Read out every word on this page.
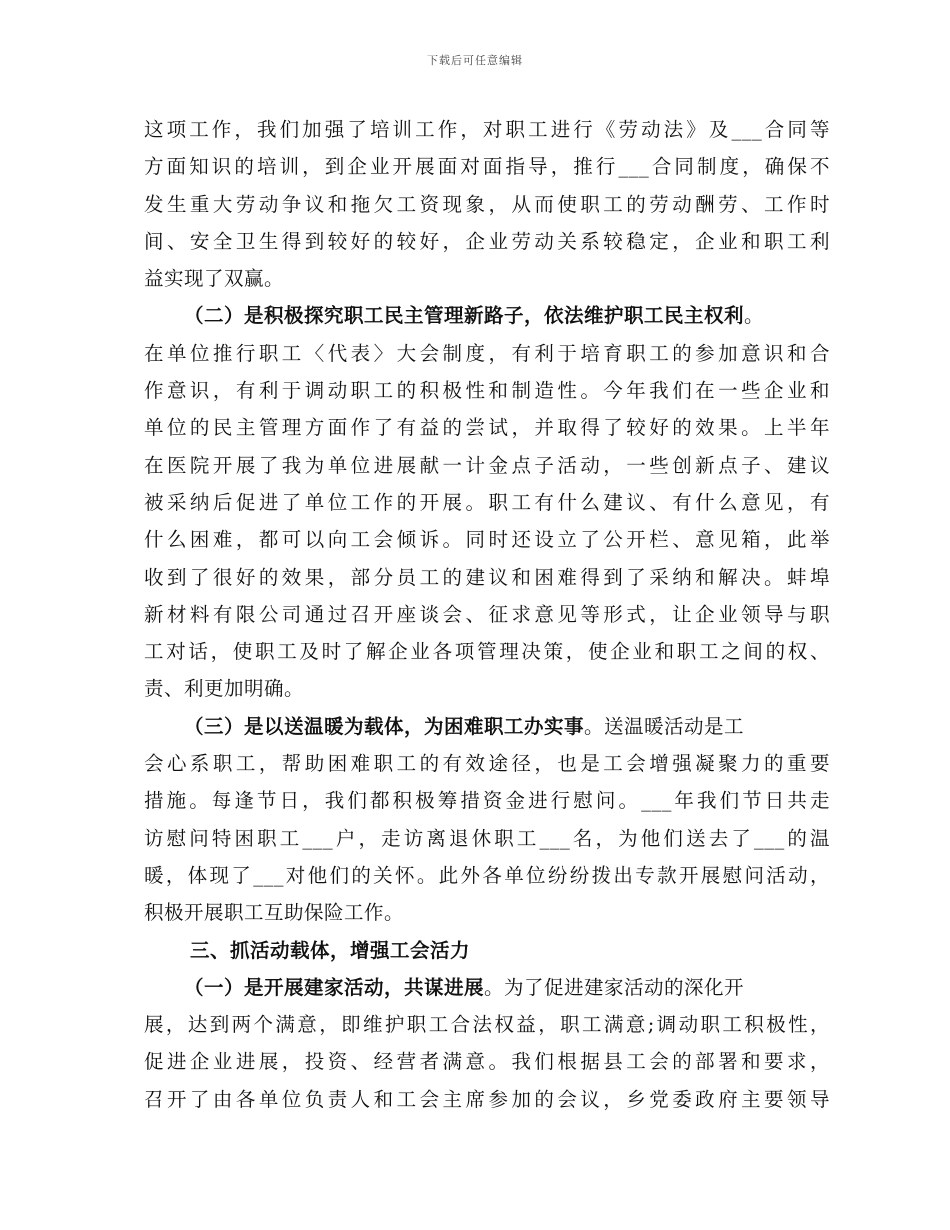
下载后可任意编辑
这项工作，我们加强了培训工作，对职工进行《劳动法》及___合同等
方面知识的培训，到企业开展面对面指导，推行___合同制度，确保不
发生重大劳动争议和拖欠工资现象，从而使职工的劳动酬劳、工作时
间、安全卫生得到较好的较好，企业劳动关系较稳定，企业和职工利
益实现了双赢。
（二）是积极探究职工民主管理新路子，依法维护职工民主权利。
在单位推行职工〈代表〉大会制度，有利于培育职工的参加意识和合
作意识，有利于调动职工的积极性和制造性。今年我们在一些企业和
单位的民主管理方面作了有益的尝试，并取得了较好的效果。上半年
在医院开展了我为单位进展献一计金点子活动，一些创新点子、建议
被采纳后促进了单位工作的开展。职工有什么建议、有什么意见，有
什么困难，都可以向工会倾诉。同时还设立了公开栏、意见箱，此举
收到了很好的效果，部分员工的建议和困难得到了采纳和解决。蚌埠
新材料有限公司通过召开座谈会、征求意见等形式，让企业领导与职
工对话，使职工及时了解企业各项管理决策，使企业和职工之间的权、
责、利更加明确。
（三）是以送温暖为载体，为困难职工办实事。送温暖活动是工
会心系职工，帮助困难职工的有效途径，也是工会增强凝聚力的重要
措施。每逢节日，我们都积极筹措资金进行慰问。___年我们节日共走
访慰问特困职工___户，走访离退休职工___名，为他们送去了___的温
暖，体现了___对他们的关怀。此外各单位纷纷拨出专款开展慰问活动，
积极开展职工互助保险工作。
三、抓活动载体，增强工会活力
（一）是开展建家活动，共谋进展。为了促进建家活动的深化开
展，达到两个满意，即维护职工合法权益，职工满意;调动职工积极性，
促进企业进展，投资、经营者满意。我们根据县工会的部署和要求，
召开了由各单位负责人和工会主席参加的会议，乡党委政府主要领导
